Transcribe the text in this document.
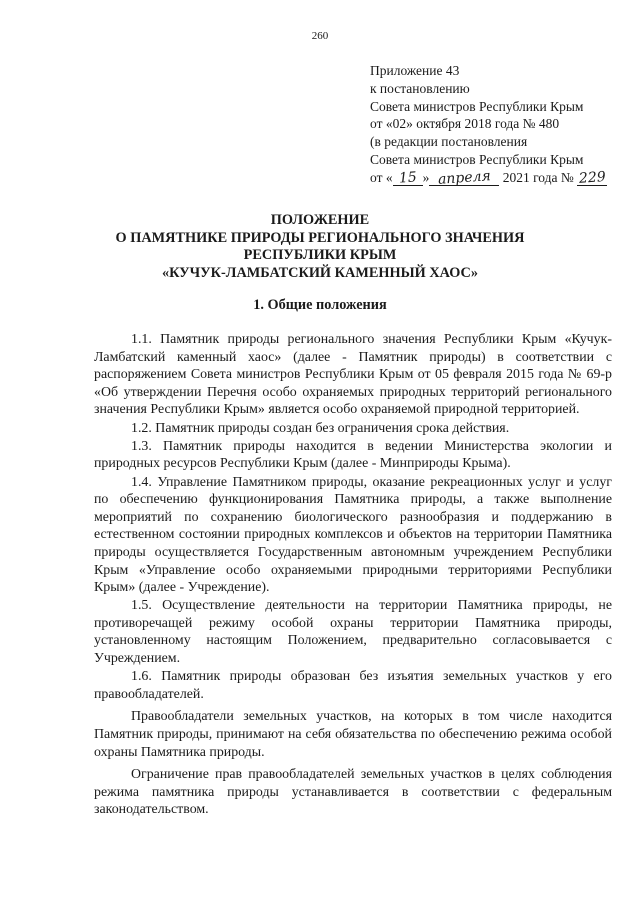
260
Приложение 43
к постановлению
Совета министров Республики Крым
от «02» октября 2018 года № 480
(в редакции постановления
Совета министров Республики Крым
от « 15 » апреля 2021 года № 229
ПОЛОЖЕНИЕ
О ПАМЯТНИКЕ ПРИРОДЫ РЕГИОНАЛЬНОГО ЗНАЧЕНИЯ
РЕСПУБЛИКИ КРЫМ
«КУЧУК-ЛАМБАТСКИЙ КАМЕННЫЙ ХАОС»
1. Общие положения

1.1. Памятник природы регионального значения Республики Крым «Кучук-Ламбатский каменный хаос» (далее - Памятник природы) в соответствии с распоряжением Совета министров Республики Крым от 05 февраля 2015 года № 69-р «Об утверждении Перечня особо охраняемых природных территорий регионального значения Республики Крым» является особо охраняемой природной территорией.

1.2. Памятник природы создан без ограничения срока действия.

1.3. Памятник природы находится в ведении Министерства экологии и природных ресурсов Республики Крым (далее - Минприроды Крыма).

1.4. Управление Памятником природы, оказание рекреационных услуг и услуг по обеспечению функционирования Памятника природы, а также выполнение мероприятий по сохранению биологического разнообразия и поддержанию в естественном состоянии природных комплексов и объектов на территории Памятника природы осуществляется Государственным автономным учреждением Республики Крым «Управление особо охраняемыми природными территориями Республики Крым» (далее - Учреждение).

1.5. Осуществление деятельности на территории Памятника природы, не противоречащей режиму особой охраны территории Памятника природы, установленному настоящим Положением, предварительно согласовывается с Учреждением.

1.6. Памятник природы образован без изъятия земельных участков у его правообладателей.

Правообладатели земельных участков, на которых в том числе находится Памятник природы, принимают на себя обязательства по обеспечению режима особой охраны Памятника природы.

Ограничение прав правообладателей земельных участков в целях соблюдения режима памятника природы устанавливается в соответствии с федеральным законодательством.
